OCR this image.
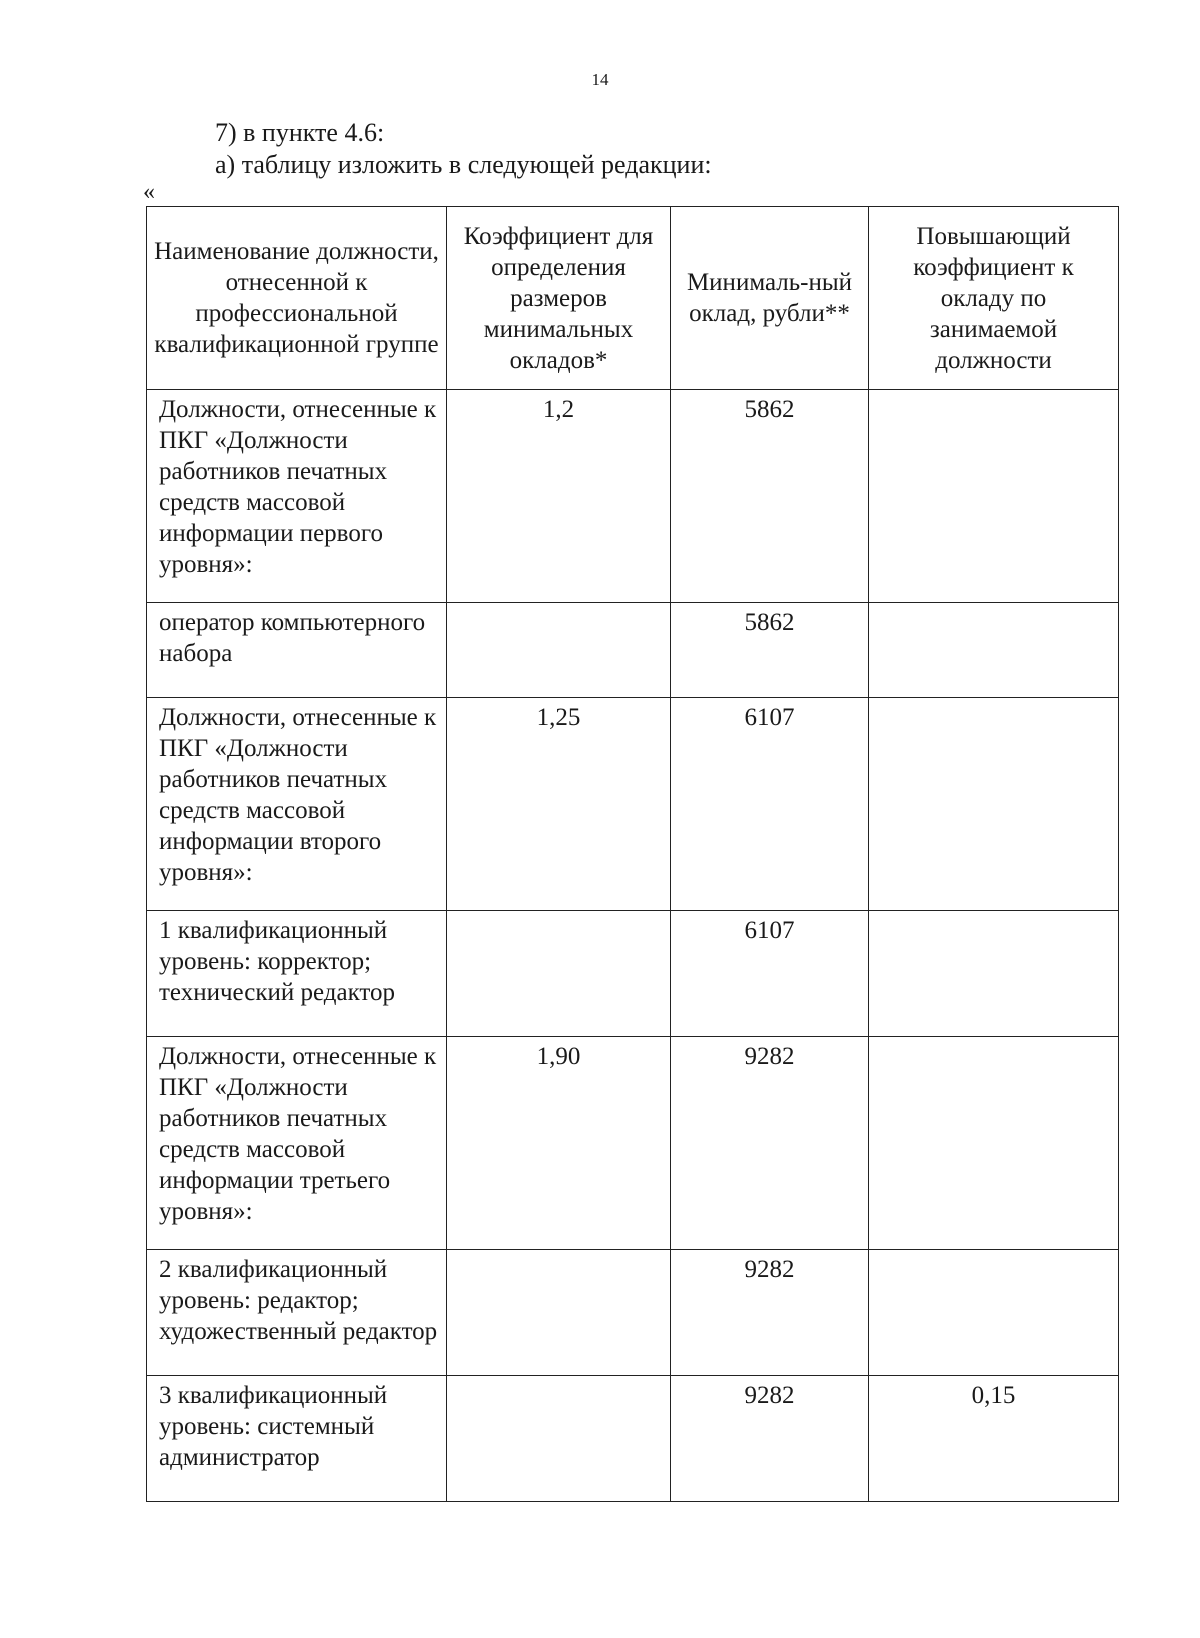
14
7) в пункте 4.6:
а) таблицу изложить в следующей редакции:
«
Наименование должности, отнесенной к профессиональной квалификационной группе	Коэффициент для определения размеров минимальных окладов*	Минималь-ный оклад, рубли**	Повышающий коэффициент к окладу по занимаемой должности
Должности, отнесенные к ПКГ «Должности работников печатных средств массовой информации первого уровня»:	1,2	5862	
оператор компьютерного набора		5862	
Должности, отнесенные к ПКГ «Должности работников печатных средств массовой информации второго уровня»:	1,25	6107	
1 квалификационный уровень: корректор; технический редактор		6107	
Должности, отнесенные к ПКГ «Должности работников печатных средств массовой информации третьего уровня»:	1,90	9282	
2 квалификационный уровень: редактор; художественный редактор		9282	
3 квалификационный уровень: системный администратор		9282	0,15
